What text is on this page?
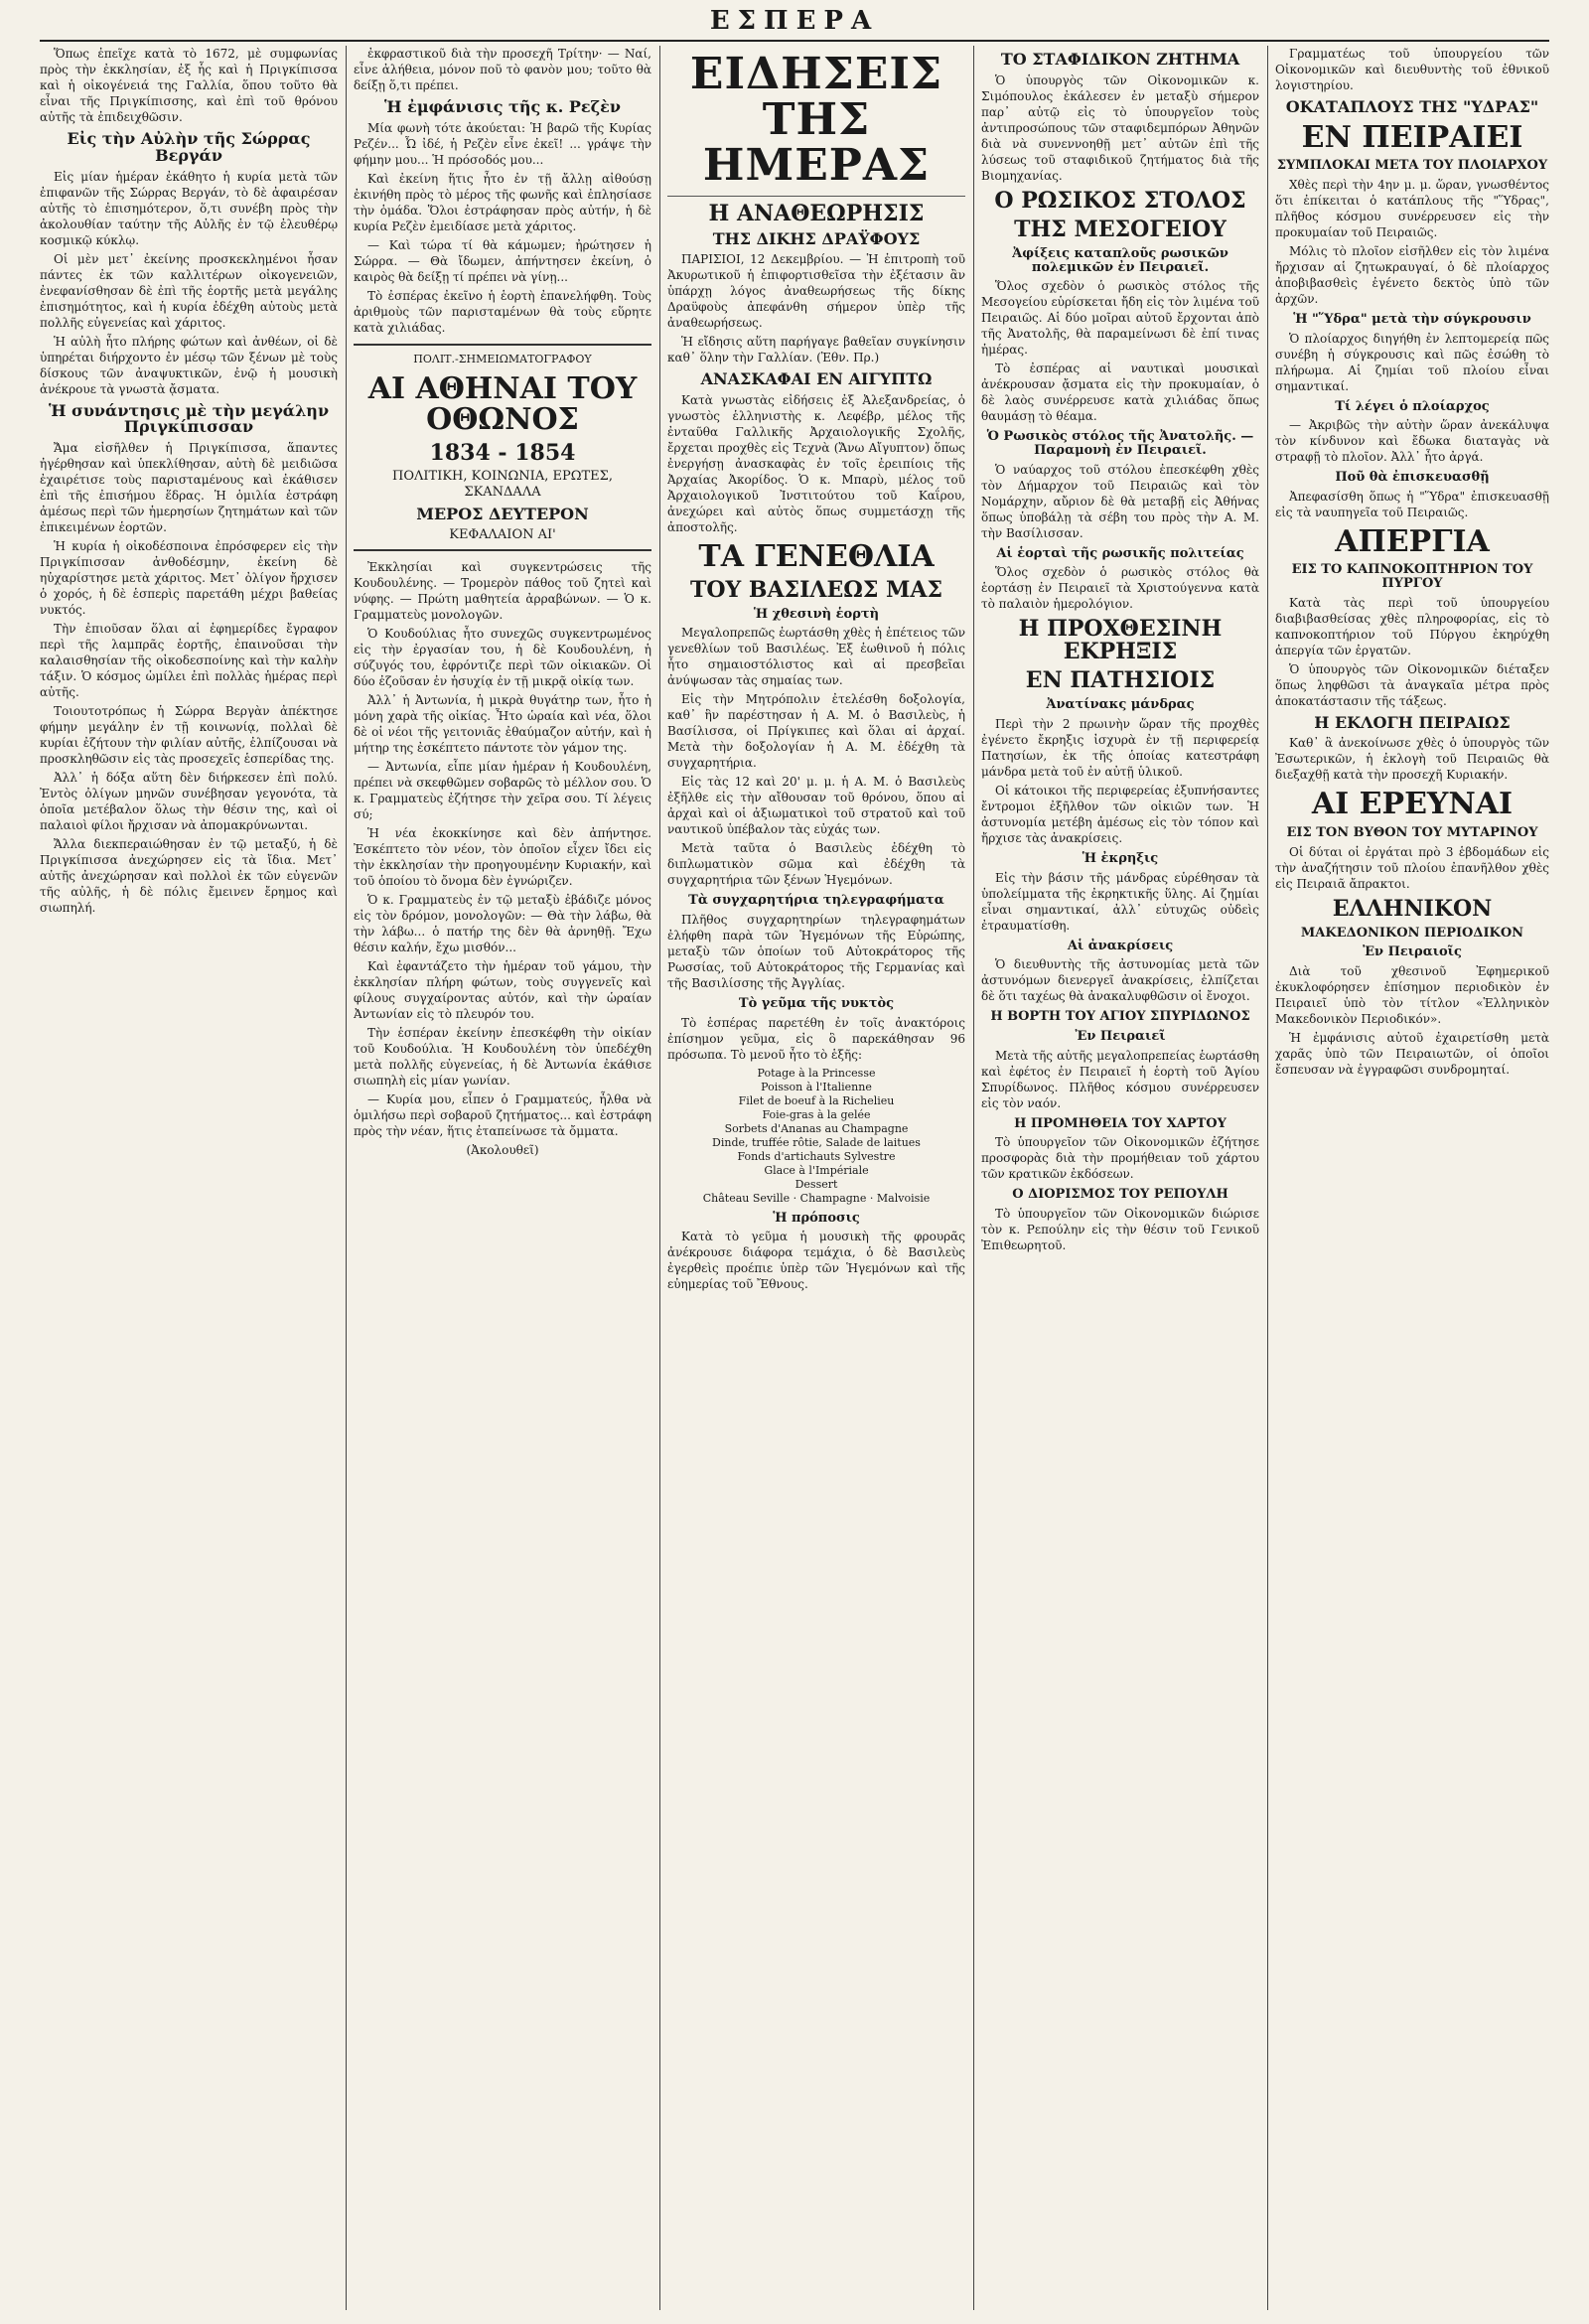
ΕΣΠΕΡΑ

Ὅπως ἐπεῖχε κατὰ τὸ 1672, μὲ συμφωνίας πρὸς τὴν ἐκκλησίαν, ἐξ ἧς καὶ ἡ Πριγκίπισσα καὶ ἡ οἰκογένειά της Γαλλία, ὅπου τοῦτο θὰ εἶναι τῆς Πριγκίπισσης, καὶ ἐπὶ τοῦ θρόνου αὐτῆς τὰ ἐπιδειχθῶσιν.

Εἰς τὴν Αὐλὴν τῆς Σώρρας Βεργάν

Εἰς μίαν ἡμέραν ἐκάθητο ἡ κυρία μετὰ τῶν ἐπιφανῶν τῆς Σώρρας Βεργάν, τὸ δὲ ἀφαιρέσαν αὐτῆς τὸ ἐπισημότερον, ὅ,τι συνέβη πρὸς τὴν ἀκολουθίαν ταύτην τῆς Αὐλῆς ἐν τῷ ἐλευθέρῳ κοσμικῷ κύκλῳ.

Οἱ μὲν μετ᾽ ἐκείνης προσκεκλημένοι ἦσαν πάντες ἐκ τῶν καλλιτέρων οἰκογενειῶν, ἐνεφανίσθησαν δὲ ἐπὶ τῆς ἑορτῆς μετὰ μεγάλης ἐπισημότητος, καὶ ἡ κυρία ἐδέχθη αὐτοὺς μετὰ πολλῆς εὐγενείας καὶ χάριτος.

Ἡ αὐλὴ ἦτο πλήρης φώτων καὶ ἀνθέων, οἱ δὲ ὑπηρέται διήρχοντο ἐν μέσῳ τῶν ξένων μὲ τοὺς δίσκους τῶν ἀναψυκτικῶν, ἐνῷ ἡ μουσικὴ ἀνέκρουε τὰ γνωστὰ ᾄσματα.

Ἡ συνάντησις μὲ τὴν μεγάλην Πριγκίπισσαν

Ἄμα εἰσῆλθεν ἡ Πριγκίπισσα, ἅπαντες ἠγέρθησαν καὶ ὑπεκλίθησαν, αὐτὴ δὲ μειδιῶσα ἐχαιρέτισε τοὺς παρισταμένους καὶ ἐκάθισεν ἐπὶ τῆς ἐπισήμου ἕδρας. Ἡ ὁμιλία ἐστράφη ἀμέσως περὶ τῶν ἡμερησίων ζητημάτων καὶ τῶν ἐπικειμένων ἑορτῶν.

Ἡ κυρία ἡ οἰκοδέσποινα ἐπρόσφερεν εἰς τὴν Πριγκίπισσαν ἀνθοδέσμην, ἐκείνη δὲ ηὐχαρίστησε μετὰ χάριτος. Μετ᾽ ὀλίγον ἤρχισεν ὁ χορός, ἡ δὲ ἑσπερὶς παρετάθη μέχρι βαθείας νυκτός.

Τὴν ἐπιοῦσαν ὅλαι αἱ ἐφημερίδες ἔγραφον περὶ τῆς λαμπρᾶς ἑορτῆς, ἐπαινοῦσαι τὴν καλαισθησίαν τῆς οἰκοδεσποίνης καὶ τὴν καλὴν τάξιν. Ὁ κόσμος ὡμίλει ἐπὶ πολλὰς ἡμέρας περὶ αὐτῆς.

Τοιουτοτρόπως ἡ Σώρρα Βεργὰν ἀπέκτησε φήμην μεγάλην ἐν τῇ κοινωνίᾳ, πολλαὶ δὲ κυρίαι ἐζήτουν τὴν φιλίαν αὐτῆς, ἐλπίζουσαι νὰ προσκληθῶσιν εἰς τὰς προσεχεῖς ἑσπερίδας της.

Ἀλλ᾽ ἡ δόξα αὕτη δὲν διήρκεσεν ἐπὶ πολύ. Ἐντὸς ὀλίγων μηνῶν συνέβησαν γεγονότα, τὰ ὁποῖα μετέβαλον ὅλως τὴν θέσιν της, καὶ οἱ παλαιοὶ φίλοι ἤρχισαν νὰ ἀπομακρύνωνται.

Ἄλλα διεκπεραιώθησαν ἐν τῷ μεταξύ, ἡ δὲ Πριγκίπισσα ἀνεχώρησεν εἰς τὰ ἴδια. Μετ᾽ αὐτῆς ἀνεχώρησαν καὶ πολλοὶ ἐκ τῶν εὐγενῶν τῆς αὐλῆς, ἡ δὲ πόλις ἔμεινεν ἔρημος καὶ σιωπηλή.

ἐκφραστικοῦ διὰ τὴν προσεχῆ Τρίτην· — Ναί, εἶνε ἀλήθεια, μόνον ποῦ τὸ φανὸν μου; τοῦτο θὰ δείξῃ ὅ,τι πρέπει.

Ἡ ἐμφάνισις τῆς κ. Ρεζὲν

Μία φωνὴ τότε ἀκούεται: Ἡ βαρῶ τῆς Κυρίας Ρεζέν... Ὦ ἰδέ, ἡ Ρεζὲν εἶνε ἐκεῖ! ... γράψε τὴν φήμην μου... Ἡ πρόσοδός μου...

Καὶ ἐκείνη ἥτις ἦτο ἐν τῇ ἄλλῃ αἰθούσῃ ἐκινήθη πρὸς τὸ μέρος τῆς φωνῆς καὶ ἐπλησίασε τὴν ὁμάδα. Ὅλοι ἐστράφησαν πρὸς αὐτήν, ἡ δὲ κυρία Ρεζὲν ἐμειδίασε μετὰ χάριτος.

— Καὶ τώρα τί θὰ κάμωμεν; ἠρώτησεν ἡ Σώρρα. — Θὰ ἴδωμεν, ἀπήντησεν ἐκείνη, ὁ καιρὸς θὰ δείξῃ τί πρέπει νὰ γίνῃ...

Τὸ ἐσπέρας ἐκεῖνο ἡ ἑορτὴ ἐπανελήφθη. Τοὺς ἀριθμοὺς τῶν παρισταμένων θὰ τοὺς εὕρητε κατὰ χιλιάδας.

ΠΟΛΙΤ.-ΣΗΜΕΙΩΜΑΤΟΓΡΑΦΟΥ
ΑΙ ΑΘΗΝΑΙ ΤΟΥ ΟΘΩΝΟΣ
1834 - 1854
ΠΟΛΙΤΙΚΗ, ΚΟΙΝΩΝΙΑ, ΕΡΩΤΕΣ, ΣΚΑΝΔΑΛΑ
ΜΕΡΟΣ ΔΕΥΤΕΡΟΝ
ΚΕΦΑΛΑΙΟΝ ΑΙ'

Ἐκκλησίαι καὶ συγκεντρώσεις τῆς Κουδουλένης. — Τρομερὸν πάθος τοῦ ζητεὶ καὶ νύφης. — Πρώτη μαθητεία ἀρραβώνων. — Ὁ κ. Γραμματεὺς μονολογῶν.

Ὁ Κουδούλιας ἦτο συνεχῶς συγκεντρωμένος εἰς τὴν ἐργασίαν του, ἡ δὲ Κουδουλένη, ἡ σύζυγός του, ἐφρόντιζε περὶ τῶν οἰκιακῶν. Οἱ δύο ἐζοῦσαν ἐν ἡσυχίᾳ ἐν τῇ μικρᾷ οἰκίᾳ των.

Ἀλλ᾽ ἡ Ἀντωνία, ἡ μικρὰ θυγάτηρ των, ἦτο ἡ μόνη χαρὰ τῆς οἰκίας. Ἦτο ὡραία καὶ νέα, ὅλοι δὲ οἱ νέοι τῆς γειτονιᾶς ἐθαύμαζον αὐτήν, καὶ ἡ μήτηρ της ἐσκέπτετο πάντοτε τὸν γάμον της.

— Ἀντωνία, εἶπε μίαν ἡμέραν ἡ Κουδουλένη, πρέπει νὰ σκεφθῶμεν σοβαρῶς τὸ μέλλον σου. Ὁ κ. Γραμματεὺς ἐζήτησε τὴν χεῖρα σου. Τί λέγεις σύ;

Ἡ νέα ἐκοκκίνησε καὶ δὲν ἀπήντησε. Ἐσκέπτετο τὸν νέον, τὸν ὁποῖον εἶχεν ἴδει εἰς τὴν ἐκκλησίαν τὴν προηγουμένην Κυριακήν, καὶ τοῦ ὁποίου τὸ ὄνομα δὲν ἐγνώριζεν.

Ὁ κ. Γραμματεὺς ἐν τῷ μεταξὺ ἐβάδιζε μόνος εἰς τὸν δρόμον, μονολογῶν: — Θὰ τὴν λάβω, θὰ τὴν λάβω... ὁ πατήρ της δὲν θὰ ἀρνηθῇ. Ἔχω θέσιν καλήν, ἔχω μισθόν...

Καὶ ἐφαντάζετο τὴν ἡμέραν τοῦ γάμου, τὴν ἐκκλησίαν πλήρη φώτων, τοὺς συγγενεῖς καὶ φίλους συγχαίροντας αὐτόν, καὶ τὴν ὡραίαν Ἀντωνίαν εἰς τὸ πλευρόν του.

Τὴν ἑσπέραν ἐκείνην ἐπεσκέφθη τὴν οἰκίαν τοῦ Κουδούλια. Ἡ Κουδουλένη τὸν ὑπεδέχθη μετὰ πολλῆς εὐγενείας, ἡ δὲ Ἀντωνία ἐκάθισε σιωπηλὴ εἰς μίαν γωνίαν.

— Κυρία μου, εἶπεν ὁ Γραμματεύς, ἦλθα νὰ ὁμιλήσω περὶ σοβαροῦ ζητήματος... καὶ ἐστράφη πρὸς τὴν νέαν, ἥτις ἐταπείνωσε τὰ ὄμματα.

(Ἀκολουθεῖ)
ΕΙΔΗΣΕΙΣ ΤΗΣ ΗΜΕΡΑΣ
Η ΑΝΑΘΕΩΡΗΣΙΣ
ΤΗΣ ΔΙΚΗΣ ΔΡΑΫΦΟΥΣ

ΠΑΡΙΣΙΟΙ, 12 Δεκεμβρίου. — Ἡ ἐπιτροπὴ τοῦ Ἀκυρωτικοῦ ἡ ἐπιφορτισθεῖσα τὴν ἐξέτασιν ἂν ὑπάρχῃ λόγος ἀναθεωρήσεως τῆς δίκης Δραϋφοὺς ἀπεφάνθη σήμερον ὑπὲρ τῆς ἀναθεωρήσεως.

Ἡ εἴδησις αὕτη παρήγαγε βαθεῖαν συγκίνησιν καθ᾽ ὅλην τὴν Γαλλίαν. (Ἐθν. Πρ.)

ΑΝΑΣΚΑΦΑΙ ΕΝ ΑΙΓΥΠΤΩ

Κατὰ γνωστὰς εἰδήσεις ἐξ Ἀλεξανδρείας, ὁ γνωστὸς ἑλληνιστὴς κ. Λεφέβρ, μέλος τῆς ἐνταῦθα Γαλλικῆς Ἀρχαιολογικῆς Σχολῆς, ἔρχεται προχθὲς εἰς Τεχνὰ (Ἄνω Αἴγυπτον) ὅπως ἐνεργήσῃ ἀνασκαφὰς ἐν τοῖς ἐρειπίοις τῆς Ἀρχαίας Ἀκορίδος. Ὁ κ. Μπαρὺ, μέλος τοῦ Ἀρχαιολογικοῦ Ἰνστιτούτου τοῦ Καΐρου, ἀνεχώρει καὶ αὐτὸς ὅπως συμμετάσχῃ τῆς ἀποστολῆς.

ΤΑ ΓΕΝΕΘΛΙΑ
ΤΟΥ ΒΑΣΙΛΕΩΣ ΜΑΣ
Ἡ χθεσινὴ ἑορτὴ

Μεγαλοπρεπῶς ἐωρτάσθη χθὲς ἡ ἐπέτειος τῶν γενεθλίων τοῦ Βασιλέως. Ἐξ ἑωθινοῦ ἡ πόλις ἦτο σημαιοστόλιστος καὶ αἱ πρεσβεῖαι ἀνύψωσαν τὰς σημαίας των.

Εἰς τὴν Μητρόπολιν ἐτελέσθη δοξολογία, καθ᾽ ἣν παρέστησαν ἡ Α. Μ. ὁ Βασιλεὺς, ἡ Βασίλισσα, οἱ Πρίγκιπες καὶ ὅλαι αἱ ἀρχαί. Μετὰ τὴν δοξολογίαν ἡ Α. Μ. ἐδέχθη τὰ συγχαρητήρια.

Εἰς τὰς 12 καὶ 20' μ. μ. ἡ Α. Μ. ὁ Βασιλεὺς ἐξῆλθε εἰς τὴν αἴθουσαν τοῦ θρόνου, ὅπου αἱ ἀρχαὶ καὶ οἱ ἀξιωματικοὶ τοῦ στρατοῦ καὶ τοῦ ναυτικοῦ ὑπέβαλον τὰς εὐχάς των.

Μετὰ ταῦτα ὁ Βασιλεὺς ἐδέχθη τὸ διπλωματικὸν σῶμα καὶ ἐδέχθη τὰ συγχαρητήρια τῶν ξένων Ἡγεμόνων.

Τὰ συγχαρητήρια τηλεγραφήματα

Πλῆθος συγχαρητηρίων τηλεγραφημάτων ἐλήφθη παρὰ τῶν Ἡγεμόνων τῆς Εὐρώπης, μεταξὺ τῶν ὁποίων τοῦ Αὐτοκράτορος τῆς Ρωσσίας, τοῦ Αὐτοκράτορος τῆς Γερμανίας καὶ τῆς Βασιλίσσης τῆς Ἀγγλίας.

Τὸ γεῦμα τῆς νυκτὸς

Τὸ ἑσπέρας παρετέθη ἐν τοῖς ἀνακτόροις ἐπίσημον γεῦμα, εἰς ὃ παρεκάθησαν 96 πρόσωπα. Τὸ μενοῦ ἦτο τὸ ἑξῆς:

Potage à la Princesse
Poisson à l'Italienne
Filet de boeuf à la Richelieu
Foie-gras à la gelée
Sorbets d'Ananas au Champagne
Dinde, truffée rôtie, Salade de laitues
Fonds d'artichauts Sylvestre
Glace à l'Impériale
Dessert
Château Seville · Champagne · Malvoisie
Ἡ πρόποσις

Κατὰ τὸ γεῦμα ἡ μουσικὴ τῆς φρουρᾶς ἀνέκρουσε διάφορα τεμάχια, ὁ δὲ Βασιλεὺς ἐγερθεὶς προέπιε ὑπὲρ τῶν Ἡγεμόνων καὶ τῆς εὐημερίας τοῦ Ἔθνους.

ΤΟ ΣΤΑΦΙΔΙΚΟΝ ΖΗΤΗΜΑ

Ὁ ὑπουργὸς τῶν Οἰκονομικῶν κ. Σιμόπουλος ἐκάλεσεν ἐν μεταξὺ σήμερον παρ᾽ αὐτῷ εἰς τὸ ὑπουργεῖον τοὺς ἀντιπροσώπους τῶν σταφιδεμπόρων Ἀθηνῶν διὰ νὰ συνεννοηθῇ μετ᾽ αὐτῶν ἐπὶ τῆς λύσεως τοῦ σταφιδικοῦ ζητήματος διὰ τῆς Βιομηχανίας.

Ο ΡΩΣΙΚΟΣ ΣΤΟΛΟΣ
ΤΗΣ ΜΕΣΟΓΕΙΟΥ
Ἀφίξεις καταπλοῦς ρωσικῶν πολεμικῶν ἐν Πειραιεῖ.

Ὅλος σχεδὸν ὁ ρωσικὸς στόλος τῆς Μεσογείου εὑρίσκεται ἤδη εἰς τὸν λιμένα τοῦ Πειραιῶς. Αἱ δύο μοῖραι αὐτοῦ ἔρχονται ἀπὸ τῆς Ἀνατολῆς, θὰ παραμείνωσι δὲ ἐπί τινας ἡμέρας.

Τὸ ἐσπέρας αἱ ναυτικαὶ μουσικαὶ ἀνέκρουσαν ᾄσματα εἰς τὴν προκυμαίαν, ὁ δὲ λαὸς συνέρρευσε κατὰ χιλιάδας ὅπως θαυμάσῃ τὸ θέαμα.

Ὁ Ρωσικὸς στόλος τῆς Ἀνατολῆς. — Παραμονὴ ἐν Πειραιεῖ.

Ὁ ναύαρχος τοῦ στόλου ἐπεσκέφθη χθὲς τὸν Δήμαρχον τοῦ Πειραιῶς καὶ τὸν Νομάρχην, αὔριον δὲ θὰ μεταβῇ εἰς Ἀθήνας ὅπως ὑποβάλῃ τὰ σέβη του πρὸς τὴν Α. Μ. τὴν Βασίλισσαν.

Αἱ ἑορταὶ τῆς ρωσικῆς πολιτείας

Ὅλος σχεδὸν ὁ ρωσικὸς στόλος θὰ ἑορτάσῃ ἐν Πειραιεῖ τὰ Χριστούγεννα κατὰ τὸ παλαιὸν ἡμερολόγιον.

Η ΠΡΟΧΘΕΣΙΝΗ ΕΚΡΗΞΙΣ
ΕΝ ΠΑΤΗΣΙΟΙΣ
Ἀνατίνακς μάνδρας

Περὶ τὴν 2 πρωινὴν ὥραν τῆς προχθὲς ἐγένετο ἔκρηξις ἰσχυρὰ ἐν τῇ περιφερείᾳ Πατησίων, ἐκ τῆς ὁποίας κατεστράφη μάνδρα μετὰ τοῦ ἐν αὐτῇ ὑλικοῦ.

Οἱ κάτοικοι τῆς περιφερείας ἐξυπνήσαντες ἔντρομοι ἐξῆλθον τῶν οἰκιῶν των. Ἡ ἀστυνομία μετέβη ἀμέσως εἰς τὸν τόπον καὶ ἤρχισε τὰς ἀνακρίσεις.

Ἡ ἐκρηξις

Εἰς τὴν βάσιν τῆς μάνδρας εὑρέθησαν τὰ ὑπολείμματα τῆς ἐκρηκτικῆς ὕλης. Αἱ ζημίαι εἶναι σημαντικαί, ἀλλ᾽ εὐτυχῶς οὐδεὶς ἐτραυματίσθη.

Αἱ ἀνακρίσεις

Ὁ διευθυντὴς τῆς ἀστυνομίας μετὰ τῶν ἀστυνόμων διενεργεῖ ἀνακρίσεις, ἐλπίζεται δὲ ὅτι ταχέως θὰ ἀνακαλυφθῶσιν οἱ ἔνοχοι.

Η ΒΟΡΤΗ ΤΟΥ ΑΓΙΟΥ ΣΠΥΡΙΔΩΝΟΣ
Ἐν Πειραιεῖ

Μετὰ τῆς αὐτῆς μεγαλοπρεπείας ἑωρτάσθη καὶ ἐφέτος ἐν Πειραιεῖ ἡ ἑορτὴ τοῦ Ἁγίου Σπυρίδωνος. Πλῆθος κόσμου συνέρρευσεν εἰς τὸν ναόν.

Η ΠΡΟΜΗΘΕΙΑ ΤΟΥ ΧΑΡΤΟΥ

Τὸ ὑπουργεῖον τῶν Οἰκονομικῶν ἐζήτησε προσφορὰς διὰ τὴν προμήθειαν τοῦ χάρτου τῶν κρατικῶν ἐκδόσεων.

Ο ΔΙΟΡΙΣΜΟΣ ΤΟΥ ΡΕΠΟΥΛΗ

Τὸ ὑπουργεῖον τῶν Οἰκονομικῶν διώρισε τὸν κ. Ρεπούλην εἰς τὴν θέσιν τοῦ Γενικοῦ Ἐπιθεωρητοῦ.

Γραμματέως τοῦ ὑπουργείου τῶν Οἰκονομικῶν καὶ διευθυντὴς τοῦ ἐθνικοῦ λογιστηρίου.

ΟΚΑΤΑΠΛΟΥΣ ΤΗΣ "ΥΔΡΑΣ"
ΕΝ ΠΕΙΡΑΙΕΙ
ΣΥΜΠΛΟΚΑΙ ΜΕΤΑ ΤΟΥ ΠΛΟΙΑΡΧΟΥ

Χθὲς περὶ τὴν 4ην μ. μ. ὥραν, γνωσθέντος ὅτι ἐπίκειται ὁ κατάπλους τῆς "Ὕδρας", πλῆθος κόσμου συνέρρευσεν εἰς τὴν προκυμαίαν τοῦ Πειραιῶς.

Μόλις τὸ πλοῖον εἰσῆλθεν εἰς τὸν λιμένα ἤρχισαν αἱ ζητωκραυγαί, ὁ δὲ πλοίαρχος ἀποβιβασθεὶς ἐγένετο δεκτὸς ὑπὸ τῶν ἀρχῶν.

Ἡ "Ὕδρα" μετὰ τὴν σύγκρουσιν

Ὁ πλοίαρχος διηγήθη ἐν λεπτομερείᾳ πῶς συνέβη ἡ σύγκρουσις καὶ πῶς ἐσώθη τὸ πλήρωμα. Αἱ ζημίαι τοῦ πλοίου εἶναι σημαντικαί.

Τί λέγει ὁ πλοίαρχος

— Ἀκριβῶς τὴν αὐτὴν ὥραν ἀνεκάλυψα τὸν κίνδυνον καὶ ἔδωκα διαταγὰς νὰ στραφῇ τὸ πλοῖον. Ἀλλ᾽ ἦτο ἀργά.

Ποῦ θὰ ἐπισκευασθῇ

Ἀπεφασίσθη ὅπως ἡ "Ὕδρα" ἐπισκευασθῇ εἰς τὰ ναυπηγεῖα τοῦ Πειραιῶς.

ΑΠΕΡΓΙΑ
ΕΙΣ ΤΟ ΚΑΠΝΟΚΟΠΤΗΡΙΟΝ ΤΟΥ ΠΥΡΓΟΥ

Κατὰ τὰς περὶ τοῦ ὑπουργείου διαβιβασθείσας χθὲς πληροφορίας, εἰς τὸ καπνοκοπτήριον τοῦ Πύργου ἐκηρύχθη ἀπεργία τῶν ἐργατῶν.

Ὁ ὑπουργὸς τῶν Οἰκονομικῶν διέταξεν ὅπως ληφθῶσι τὰ ἀναγκαῖα μέτρα πρὸς ἀποκατάστασιν τῆς τάξεως.

Η ΕΚΛΟΓΗ ΠΕΙΡΑΙΩΣ

Καθ᾽ ἃ ἀνεκοίνωσε χθὲς ὁ ὑπουργὸς τῶν Ἐσωτερικῶν, ἡ ἐκλογὴ τοῦ Πειραιῶς θὰ διεξαχθῇ κατὰ τὴν προσεχῆ Κυριακήν.

ΑΙ ΕΡΕΥΝΑΙ
ΕΙΣ ΤΟΝ ΒΥΘΟΝ ΤΟΥ ΜΥΤΑΡΙΝΟΥ

Οἱ δύται οἱ ἐργάται πρὸ 3 ἑβδομάδων εἰς τὴν ἀναζήτησιν τοῦ πλοίου ἐπανῆλθον χθὲς εἰς Πειραιᾶ ἄπρακτοι.

ΕΛΛΗΝΙΚΟΝ
ΜΑΚΕΔΟΝΙΚΟΝ ΠΕΡΙΟΔΙΚΟΝ
Ἐν Πειραιοῖς

Διὰ τοῦ χθεσινοῦ Ἐφημερικοῦ ἐκυκλοφόρησεν ἐπίσημον περιοδικὸν ἐν Πειραιεῖ ὑπὸ τὸν τίτλον «Ἑλληνικὸν Μακεδονικὸν Περιοδικόν».

Ἡ ἐμφάνισις αὐτοῦ ἐχαιρετίσθη μετὰ χαρᾶς ὑπὸ τῶν Πειραιωτῶν, οἱ ὁποῖοι ἔσπευσαν νὰ ἐγγραφῶσι συνδρομηταί.
